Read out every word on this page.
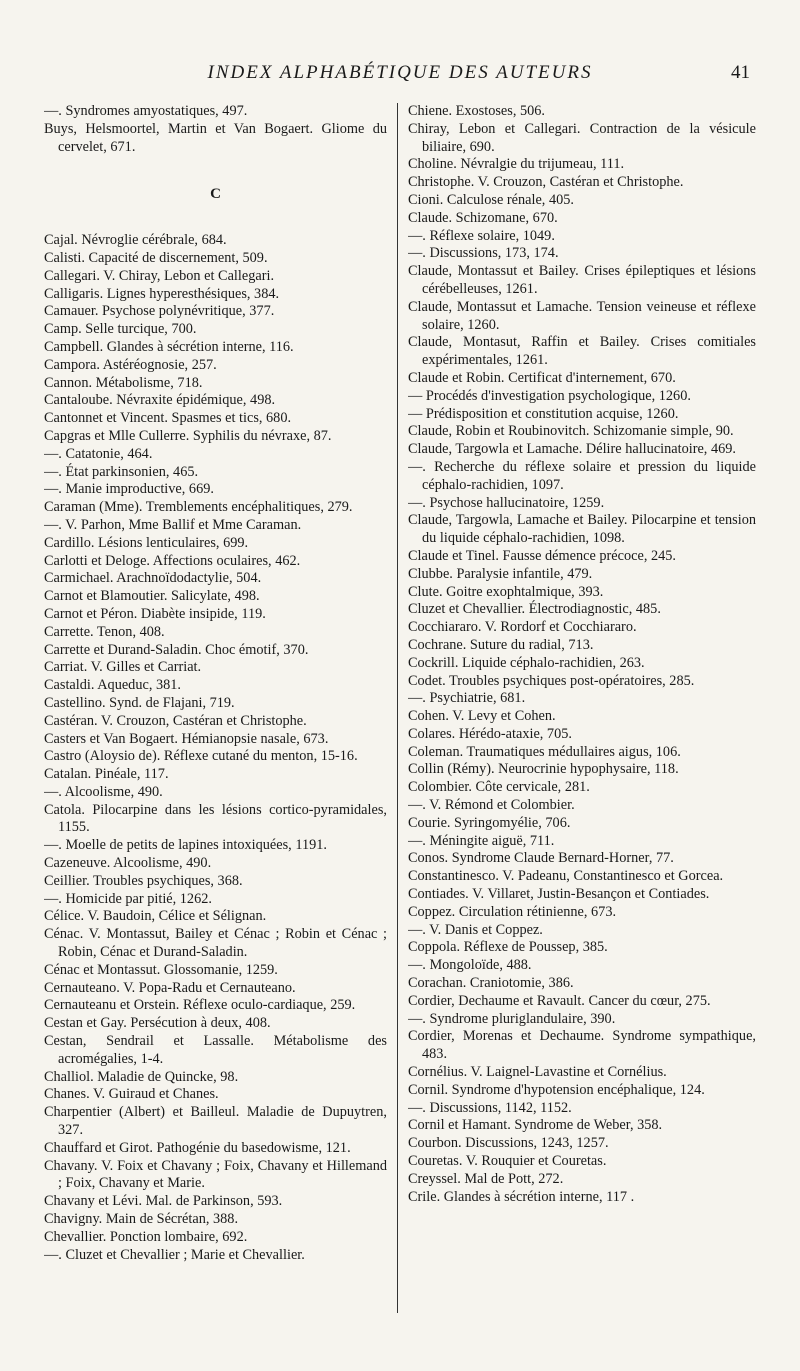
INDEX ALPHABÉTIQUE DES AUTEURS	41

—. Syndromes amyostatiques, 497.

Buys, Helsmoortel, Martin et Van Bogaert. Gliome du cervelet, 671.

C

Cajal. Névroglie cérébrale, 684.

Calisti. Capacité de discernement, 509.

Callegari. V. Chiray, Lebon et Callegari.

Calligaris. Lignes hyperesthésiques, 384.

Camauer. Psychose polynévritique, 377.

Camp. Selle turcique, 700.

Campbell. Glandes à sécrétion interne, 116.

Campora. Astéréognosie, 257.

Cannon. Métabolisme, 718.

Cantaloube. Névraxite épidémique, 498.

Cantonnet et Vincent. Spasmes et tics, 680.

Capgras et Mlle Cullerre. Syphilis du névraxe, 87.

—. Catatonie, 464.

—. État parkinsonien, 465.

—. Manie improductive, 669.

Caraman (Mme). Tremblements encéphalitiques, 279.

—. V. Parhon, Mme Ballif et Mme Caraman.

Cardillo. Lésions lenticulaires, 699.

Carlotti et Deloge. Affections oculaires, 462.

Carmichael. Arachnoïdodactylie, 504.

Carnot et Blamoutier. Salicylate, 498.

Carnot et Péron. Diabète insipide, 119.

Carrette. Tenon, 408.

Carrette et Durand-Saladin. Choc émotif, 370.

Carriat. V. Gilles et Carriat.

Castaldi. Aqueduc, 381.

Castellino. Synd. de Flajani, 719.

Castéran. V. Crouzon, Castéran et Christophe.

Casters et Van Bogaert. Hémianopsie nasale, 673.

Castro (Aloysio de). Réflexe cutané du menton, 15-16.

Catalan. Pinéale, 117.

—. Alcoolisme, 490.

Catola. Pilocarpine dans les lésions cortico-pyramidales, 1155.

—. Moelle de petits de lapines intoxiquées, 1191.

Cazeneuve. Alcoolisme, 490.

Ceillier. Troubles psychiques, 368.

—. Homicide par pitié, 1262.

Célice. V. Baudoin, Célice et Sélignan.

Cénac. V. Montassut, Bailey et Cénac ; Robin et Cénac ; Robin, Cénac et Durand-Saladin.

Cénac et Montassut. Glossomanie, 1259.

Cernauteano. V. Popa-Radu et Cernauteano.

Cernauteanu et Orstein. Réflexe oculo-cardiaque, 259.

Cestan et Gay. Persécution à deux, 408.

Cestan, Sendrail et Lassalle. Métabolisme des acromégalies, 1-4.

Challiol. Maladie de Quincke, 98.

Chanes. V. Guiraud et Chanes.

Charpentier (Albert) et Bailleul. Maladie de Dupuytren, 327.

Chauffard et Girot. Pathogénie du basedowisme, 121.

Chavany. V. Foix et Chavany ; Foix, Chavany et Hillemand ; Foix, Chavany et Marie.

Chavany et Lévi. Mal. de Parkinson, 593.

Chavigny. Main de Sécrétan, 388.

Chevallier. Ponction lombaire, 692.

—. Cluzet et Chevallier ; Marie et Chevallier.

Chiene. Exostoses, 506.

Chiray, Lebon et Callegari. Contraction de la vésicule biliaire, 690.

Choline. Névralgie du trijumeau, 111.

Christophe. V. Crouzon, Castéran et Christophe.

Cioni. Calculose rénale, 405.

Claude. Schizomane, 670.

—. Réflexe solaire, 1049.

—. Discussions, 173, 174.

Claude, Montassut et Bailey. Crises épileptiques et lésions cérébelleuses, 1261.

Claude, Montassut et Lamache. Tension veineuse et réflexe solaire, 1260.

Claude, Montasut, Raffin et Bailey. Crises comitiales expérimentales, 1261.

Claude et Robin. Certificat d'internement, 670.

— Procédés d'investigation psychologique, 1260.

— Prédisposition et constitution acquise, 1260.

Claude, Robin et Roubinovitch. Schizomanie simple, 90.

Claude, Targowla et Lamache. Délire hallucinatoire, 469.

—. Recherche du réflexe solaire et pression du liquide céphalo-rachidien, 1097.

—. Psychose hallucinatoire, 1259.

Claude, Targowla, Lamache et Bailey. Pilocarpine et tension du liquide céphalo-rachidien, 1098.

Claude et Tinel. Fausse démence précoce, 245.

Clubbe. Paralysie infantile, 479.

Clute. Goitre exophtalmique, 393.

Cluzet et Chevallier. Électrodiagnostic, 485.

Cocchiararo. V. Rordorf et Cocchiararo.

Cochrane. Suture du radial, 713.

Cockrill. Liquide céphalo-rachidien, 263.

Codet. Troubles psychiques post-opératoires, 285.

—. Psychiatrie, 681.

Cohen. V. Levy et Cohen.

Colares. Hérédo-ataxie, 705.

Coleman. Traumatiques médullaires aigus, 106.

Collin (Rémy). Neurocrinie hypophysaire, 118.

Colombier. Côte cervicale, 281.

—. V. Rémond et Colombier.

Courie. Syringomyélie, 706.

—. Méningite aiguë, 711.

Conos. Syndrome Claude Bernard-Horner, 77.

Constantinesco. V. Padeanu, Constantinesco et Gorcea.

Contiades. V. Villaret, Justin-Besançon et Contiades.

Coppez. Circulation rétinienne, 673.

—. V. Danis et Coppez.

Coppola. Réflexe de Poussep, 385.

—. Mongoloïde, 488.

Corachan. Craniotomie, 386.

Cordier, Dechaume et Ravault. Cancer du cœur, 275.

—. Syndrome pluriglandulaire, 390.

Cordier, Morenas et Dechaume. Syndrome sympathique, 483.

Cornélius. V. Laignel-Lavastine et Cornélius.

Cornil. Syndrome d'hypotension encéphalique, 124.

—. Discussions, 1142, 1152.

Cornil et Hamant. Syndrome de Weber, 358.

Courbon. Discussions, 1243, 1257.

Couretas. V. Rouquier et Couretas.

Creyssel. Mal de Pott, 272.

Crile. Glandes à sécrétion interne, 117 .
